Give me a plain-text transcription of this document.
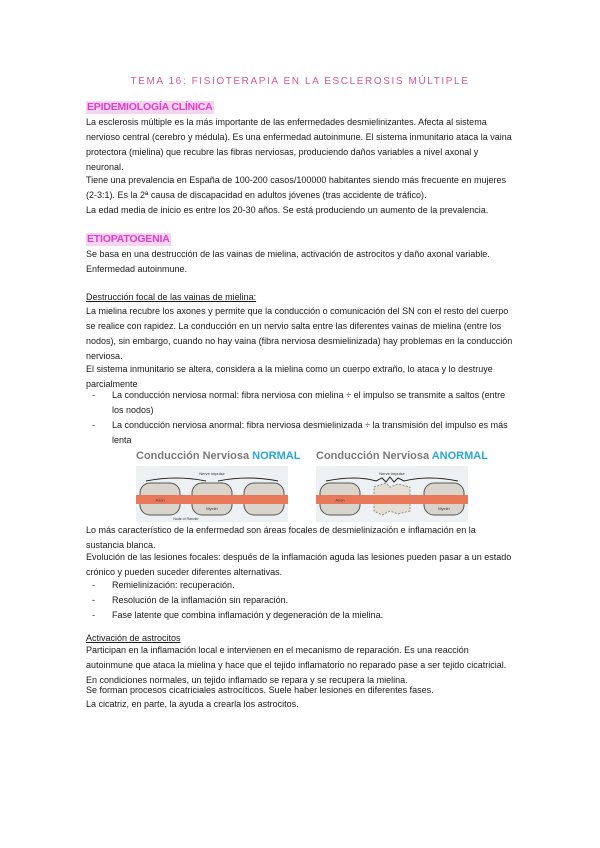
TEMA 16: FISIOTERAPIA EN LA ESCLEROSIS MÚLTIPLE
EPIDEMIOLOGÍA CLÍNICA

La esclerosis múltiple es la más importante de las enfermedades desmielinizantes. Afecta al sistema nervioso central (cerebro y médula). Es una enfermedad autoinmune. El sistema inmunitario ataca la vaina protectora (mielina) que recubre las fibras nerviosas, produciendo daños variables a nivel axonal y neuronal.

Tiene una prevalencia en España de 100-200 casos/100000 habitantes siendo más frecuente en mujeres (2-3:1). Es la 2ª causa de discapacidad en adultos jóvenes (tras accidente de tráfico).

La edad media de inicio es entre los 20-30 años. Se está produciendo un aumento de la prevalencia.

ETIOPATOGENIA

Se basa en una destrucción de las vainas de mielina, activación de astrocitos y daño axonal variable. Enfermedad autoinmune.

Destrucción focal de las vainas de mielina:

La mielina recubre los axones y permite que la conducción o comunicación del SN con el resto del cuerpo se realice con rapidez. La conducción en un nervio salta entre las diferentes vainas de mielina (entre los nodos), sin embargo, cuando no hay vaina (fibra nerviosa desmielinizada) hay problemas en la conducción nerviosa.

El sistema inmunitario se altera, considera a la mielina como un cuerpo extraño, lo ataca y lo destruye parcialmente

- La conducción nerviosa normal: fibra nerviosa con mielina ÷ el impulso se transmite a saltos (entre los nodos)
- La conducción nerviosa anormal: fibra nerviosa desmielinizada ÷ la transmisión del impulso es más lenta
Conducción Nerviosa NORMAL
Nerve impulse
Axon
Myelin
Node of Ranvier
Conducción Nerviosa ANORMAL
Nerve impulse
Axon
Myelin

Lo más característico de la enfermedad son áreas focales de desmielinización e inflamación en la sustancia blanca.

Evolución de las lesiones focales: después de la inflamación aguda las lesiones pueden pasar a un estado crónico y pueden suceder diferentes alternativas.

- Remielinización: recuperación.
- Resolución de la inflamación sin reparación.
- Fase latente que combina inflamación y degeneración de la mielina.
Activación de astrocitos

Participan en la inflamación local e intervienen en el mecanismo de reparación. Es una reacción autoinmune que ataca la mielina y hace que el tejido inflamatorio no reparado pase a ser tejido cicatricial. En condiciones normales, un tejido inflamado se repara y se recupera la mielina.

Se forman procesos cicatriciales astrocíticos. Suele haber lesiones en diferentes fases.

La cicatriz, en parte, la ayuda a crearla los astrocitos.
